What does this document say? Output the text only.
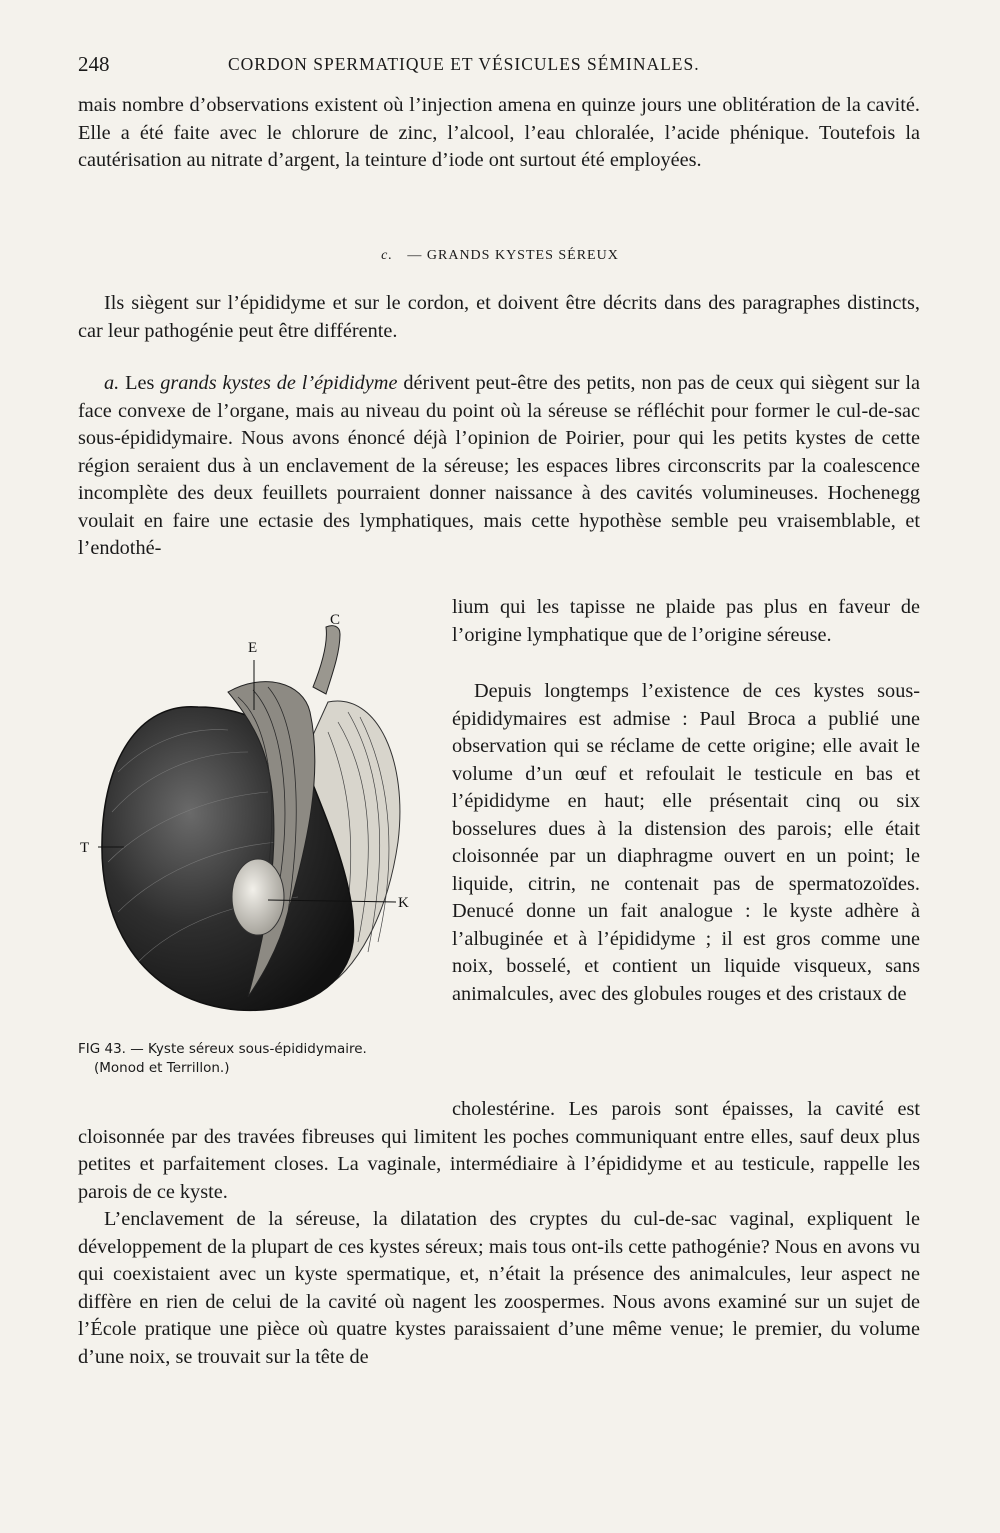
248	CORDON SPERMATIQUE ET VÉSICULES SÉMINALES.

mais nombre d’observations existent où l’injection amena en quinze jours une oblitération de la cavité. Elle a été faite avec le chlorure de zinc, l’alcool, l’eau chloralée, l’acide phénique. Toutefois la cautérisation au nitrate d’argent, la teinture d’iode ont surtout été employées.

c. — GRANDS KYSTES SÉREUX

Ils siègent sur l’épididyme et sur le cordon, et doivent être décrits dans des paragraphes distincts, car leur pathogénie peut être différente.

a. Les grands kystes de l’épididyme dérivent peut-être des petits, non pas de ceux qui siègent sur la face convexe de l’organe, mais au niveau du point où la séreuse se réfléchit pour former le cul-de-sac sous-épididymaire. Nous avons énoncé déjà l’opinion de Poirier, pour qui les petits kystes de cette région seraient dus à un enclavement de la séreuse; les espaces libres circonscrits par la coalescence incomplète des deux feuillets pourraient donner naissance à des cavités volumineuses. Hochenegg voulait en faire une ectasie des lymphatiques, mais cette hypothèse semble peu vraisemblable, et l’endothé-

C
E
T
K
FIG 43. — Kyste séreux sous-épididymaire.
(Monod et Terrillon.)

lium qui les tapisse ne plaide pas plus en faveur de l’origine lymphatique que de l’origine séreuse.

Depuis longtemps l’existence de ces kystes sous-épididymaires est admise : Paul Broca a publié une observation qui se réclame de cette origine; elle avait le volume d’un œuf et refoulait le testicule en bas et l’épididyme en haut; elle présentait cinq ou six bosselures dues à la distension des parois; elle était cloisonnée par un diaphragme ouvert en un point; le liquide, citrin, ne contenait pas de spermatozoïdes. Denucé donne un fait analogue : le kyste adhère à l’albuginée et à l’épididyme ; il est gros comme une noix, bosselé, et contient un liquide visqueux, sans animalcules, avec des globules rouges et des cristaux de

cholestérine. Les parois sont épaisses, la cavité est cloisonnée par des travées fibreuses qui limitent les poches communiquant entre elles, sauf deux plus petites et parfaitement closes. La vaginale, intermédiaire à l’épididyme et au testicule, rappelle les parois de ce kyste.

L’enclavement de la séreuse, la dilatation des cryptes du cul-de-sac vaginal, expliquent le développement de la plupart de ces kystes séreux; mais tous ont-ils cette pathogénie? Nous en avons vu qui coexistaient avec un kyste spermatique, et, n’était la présence des animalcules, leur aspect ne diffère en rien de celui de la cavité où nagent les zoospermes. Nous avons examiné sur un sujet de l’École pratique une pièce où quatre kystes paraissaient d’une même venue; le premier, du volume d’une noix, se trouvait sur la tête de
